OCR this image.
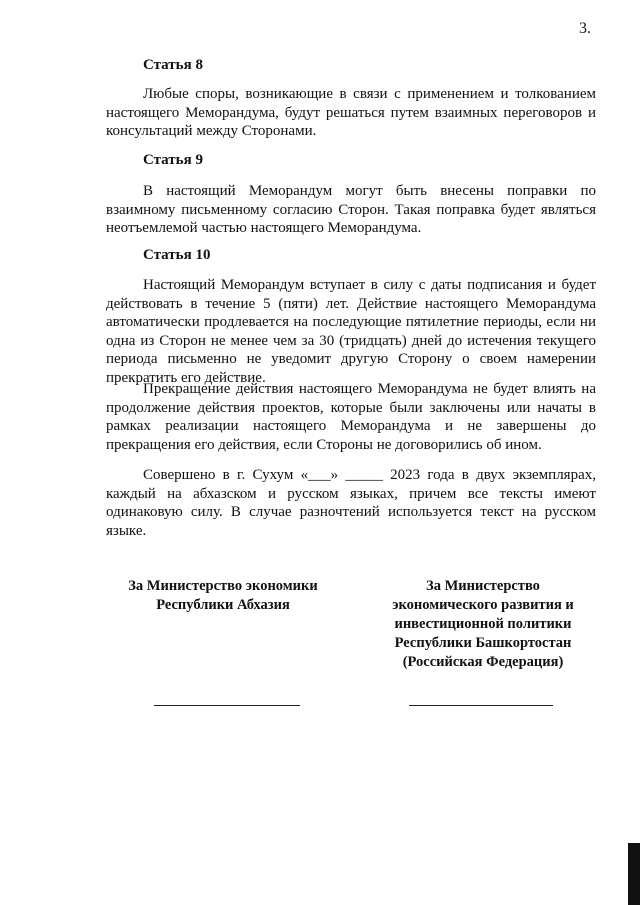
3.
Статья 8
Любые споры, возникающие в связи с применением и толкованием настоящего Меморандума, будут решаться путем взаимных переговоров и консультаций между Сторонами.
Статья 9
В настоящий Меморандум могут быть внесены поправки по взаимному письменному согласию Сторон. Такая поправка будет являться неотъемлемой частью настоящего Меморандума.
Статья 10
Настоящий Меморандум вступает в силу с даты подписания и будет действовать в течение 5 (пяти) лет. Действие настоящего Меморандума автоматически продлевается на последующие пятилетние периоды, если ни одна из Сторон не менее чем за 30 (тридцать) дней до истечения текущего периода письменно не уведомит другую Сторону о своем намерении прекратить его действие.
Прекращение действия настоящего Меморандума не будет влиять на продолжение действия проектов, которые были заключены или начаты в рамках реализации настоящего Меморандума и не завершены до прекращения его действия, если Стороны не договорились об ином.
Совершено в г. Сухум «___» _____ 2023 года в двух экземплярах, каждый на абхазском и русском языках, причем все тексты имеют одинаковую силу. В случае разночтений используется текст на русском языке.
За Министерство экономики
Республики Абхазия
За Министерство
экономического развития и
инвестиционной политики
Республики Башкортостан
(Российская Федерация)
